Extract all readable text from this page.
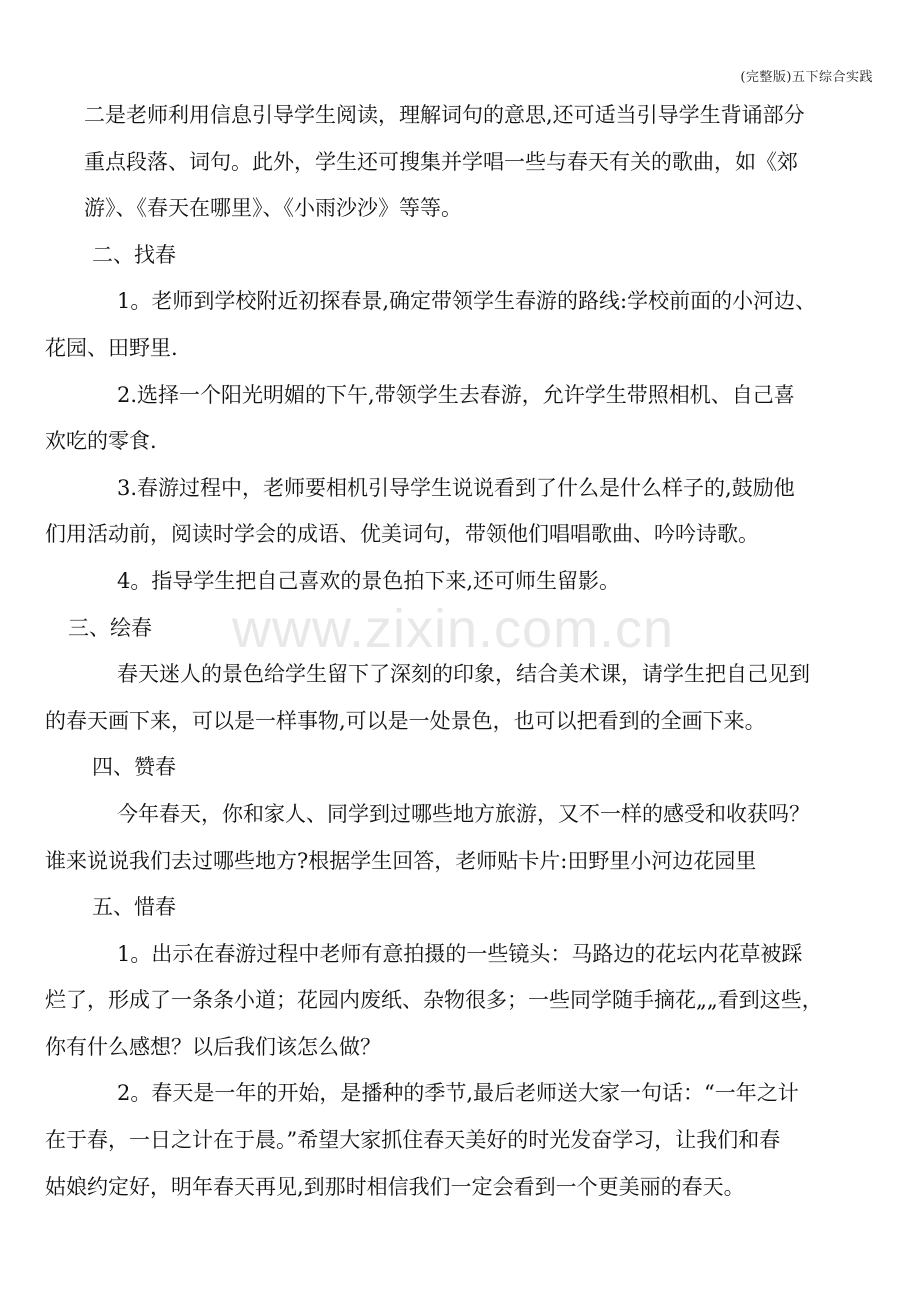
(完整版)五下综合实践
二是老师利用信息引导学生阅读，理解词句的意思,还可适当引导学生背诵部分
重点段落、词句。此外，学生还可搜集并学唱一些与春天有关的歌曲，如《郊
游》、《春天在哪里》、《小雨沙沙》等等。
二、找春
1。老师到学校附近初探春景,确定带领学生春游的路线:学校前面的小河边、
花园、田野里.
2.选择一个阳光明媚的下午,带领学生去春游，允许学生带照相机、自己喜
欢吃的零食.
3.春游过程中，老师要相机引导学生说说看到了什么是什么样子的,鼓励他
们用活动前，阅读时学会的成语、优美词句，带领他们唱唱歌曲、吟吟诗歌。
4。指导学生把自己喜欢的景色拍下来,还可师生留影。
三、绘春
春天迷人的景色给学生留下了深刻的印象，结合美术课，请学生把自己见到
的春天画下来，可以是一样事物,可以是一处景色，也可以把看到的全画下来。
四、赞春
今年春天，你和家人、同学到过哪些地方旅游，又不一样的感受和收获吗？
谁来说说我们去过哪些地方?根据学生回答，老师贴卡片:田野里小河边花园里
五、惜春
1。出示在春游过程中老师有意拍摄的一些镜头：马路边的花坛内花草被踩
烂了，形成了一条条小道；花园内废纸、杂物很多；一些同学随手摘花„„看到这些，
你有什么感想？以后我们该怎么做？
2。春天是一年的开始，是播种的季节,最后老师送大家一句话：“一年之计
在于春，一日之计在于晨。”希望大家抓住春天美好的时光发奋学习，让我们和春
姑娘约定好，明年春天再见,到那时相信我们一定会看到一个更美丽的春天。
www.zixin.com.cn
